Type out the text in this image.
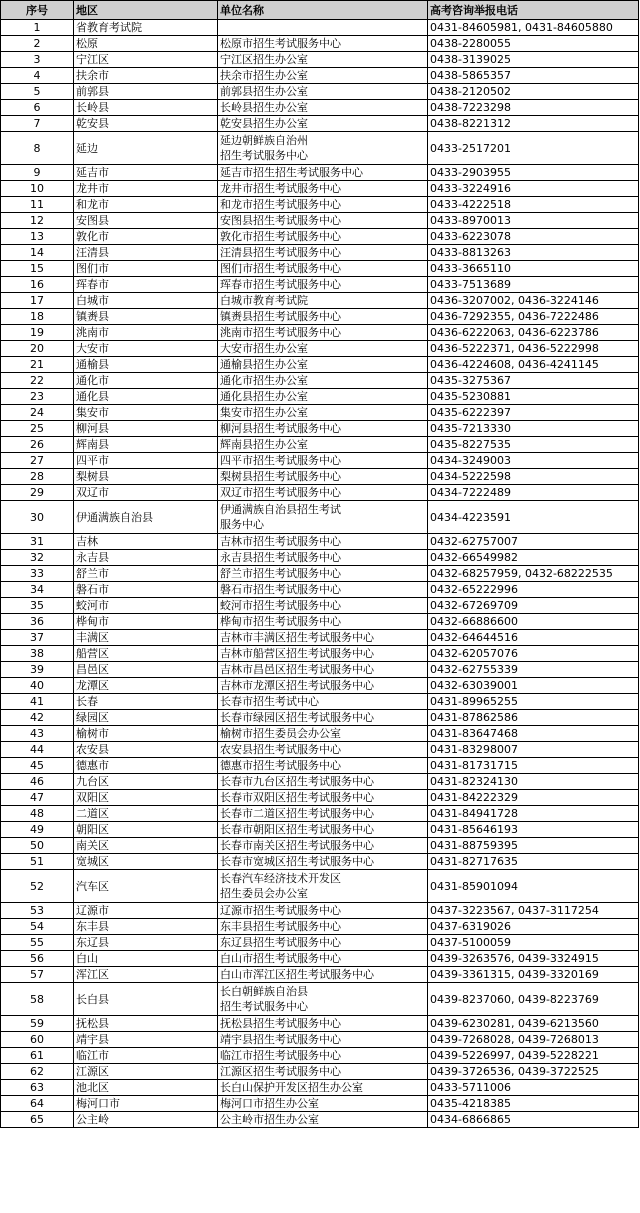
序号	地区	单位名称	高考咨询举报电话
1	省教育考试院		0431-84605981, 0431-84605880
2	松原	松原市招生考试服务中心	0438-2280055
3	宁江区	宁江区招生办公室	0438-3139025
4	扶余市	扶余市招生办公室	0438-5865357
5	前郭县	前郭县招生办公室	0438-2120502
6	长岭县	长岭县招生办公室	0438-7223298
7	乾安县	乾安县招生办公室	0438-8221312
8	延边	延边朝鲜族自治州
招生考试服务中心	0433-2517201
9	延吉市	延吉市招生招生考试服务中心	0433-2903955
10	龙井市	龙井市招生考试服务中心	0433-3224916
11	和龙市	和龙市招生考试服务中心	0433-4222518
12	安图县	安图县招生考试服务中心	0433-8970013
13	敦化市	敦化市招生考试服务中心	0433-6223078
14	汪清县	汪清县招生考试服务中心	0433-8813263
15	图们市	图们市招生考试服务中心	0433-3665110
16	珲春市	珲春市招生考试服务中心	0433-7513689
17	白城市	白城市教育考试院	0436-3207002, 0436-3224146
18	镇赉县	镇赉县招生考试服务中心	0436-7292355, 0436-7222486
19	洮南市	洮南市招生考试服务中心	0436-6222063, 0436-6223786
20	大安市	大安市招生办公室	0436-5222371, 0436-5222998
21	通榆县	通榆县招生办公室	0436-4224608, 0436-4241145
22	通化市	通化市招生办公室	0435-3275367
23	通化县	通化县招生办公室	0435-5230881
24	集安市	集安市招生办公室	0435-6222397
25	柳河县	柳河县招生考试服务中心	0435-7213330
26	辉南县	辉南县招生办公室	0435-8227535
27	四平市	四平市招生考试服务中心	0434-3249003
28	梨树县	梨树县招生考试服务中心	0434-5222598
29	双辽市	双辽市招生考试服务中心	0434-7222489
30	伊通满族自治县	伊通满族自治县招生考试
服务中心	0434-4223591
31	吉林	吉林市招生考试服务中心	0432-62757007
32	永吉县	永吉县招生考试服务中心	0432-66549982
33	舒兰市	舒兰市招生考试服务中心	0432-68257959, 0432-68222535
34	磐石市	磐石市招生考试服务中心	0432-65222996
35	蛟河市	蛟河市招生考试服务中心	0432-67269709
36	桦甸市	桦甸市招生考试服务中心	0432-66886600
37	丰满区	吉林市丰满区招生考试服务中心	0432-64644516
38	船营区	吉林市船营区招生考试服务中心	0432-62057076
39	昌邑区	吉林市昌邑区招生考试服务中心	0432-62755339
40	龙潭区	吉林市龙潭区招生考试服务中心	0432-63039001
41	长春	长春市招生考试中心	0431-89965255
42	绿园区	长春市绿园区招生考试服务中心	0431-87862586
43	榆树市	榆树市招生委员会办公室	0431-83647468
44	农安县	农安县招生考试服务中心	0431-83298007
45	德惠市	德惠市招生考试服务中心	0431-81731715
46	九台区	长春市九台区招生考试服务中心	0431-82324130
47	双阳区	长春市双阳区招生考试服务中心	0431-84222329
48	二道区	长春市二道区招生考试服务中心	0431-84941728
49	朝阳区	长春市朝阳区招生考试服务中心	0431-85646193
50	南关区	长春市南关区招生考试服务中心	0431-88759395
51	宽城区	长春市宽城区招生考试服务中心	0431-82717635
52	汽车区	长春汽车经济技术开发区
招生委员会办公室	0431-85901094
53	辽源市	辽源市招生考试服务中心	0437-3223567, 0437-3117254
54	东丰县	东丰县招生考试服务中心	0437-6319026
55	东辽县	东辽县招生考试服务中心	0437-5100059
56	白山	白山市招生考试服务中心	0439-3263576, 0439-3324915
57	浑江区	白山市浑江区招生考试服务中心	0439-3361315, 0439-3320169
58	长白县	长白朝鲜族自治县
招生考试服务中心	0439-8237060, 0439-8223769
59	抚松县	抚松县招生考试服务中心	0439-6230281, 0439-6213560
60	靖宇县	靖宇县招生考试服务中心	0439-7268028, 0439-7268013
61	临江市	临江市招生考试服务中心	0439-5226997, 0439-5228221
62	江源区	江源区招生考试服务中心	0439-3726536, 0439-3722525
63	池北区	长白山保护开发区招生办公室	0433-5711006
64	梅河口市	梅河口市招生办公室	0435-4218385
65	公主岭	公主岭市招生办公室	0434-6866865
